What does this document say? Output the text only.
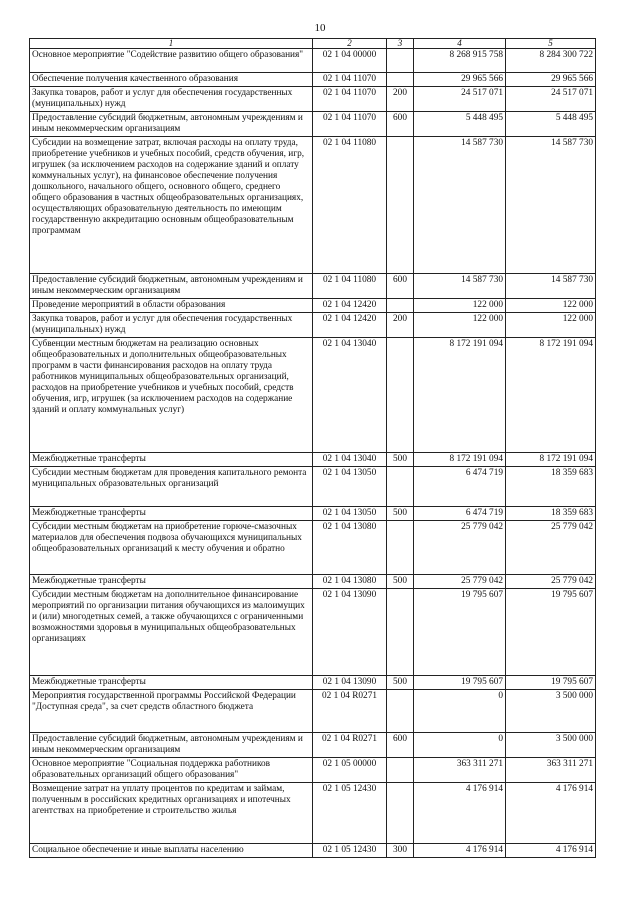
10
1	2	3	4	5
Основное мероприятие "Содействие развитию общего образования"	02 1 04 00000		8 268 915 758	8 284 300 722
Обеспечение получения качественного образования	02 1 04 11070		29 965 566	29 965 566
Закупка товаров, работ и услуг для обеспечения государственных (муниципальных) нужд	02 1 04 11070	200	24 517 071	24 517 071
Предоставление субсидий бюджетным, автономным учреждениям и иным некоммерческим организациям	02 1 04 11070	600	5 448 495	5 448 495
Субсидии на возмещение затрат, включая расходы на оплату труда, приобретение учебников и учебных пособий, средств обучения, игр, игрушек (за исключением расходов на содержание зданий и оплату коммунальных услуг), на финансовое обеспечение получения дошкольного, начального общего, основного общего, среднего общего образования в частных общеобразовательных организациях, осуществляющих образовательную деятельность по имеющим государственную аккредитацию основным общеобразовательным программам	02 1 04 11080		14 587 730	14 587 730
Предоставление субсидий бюджетным, автономным учреждениям и иным некоммерческим организациям	02 1 04 11080	600	14 587 730	14 587 730
Проведение мероприятий в области образования	02 1 04 12420		122 000	122 000
Закупка товаров, работ и услуг для обеспечения государственных (муниципальных) нужд	02 1 04 12420	200	122 000	122 000
Субвенции местным бюджетам на реализацию основных общеобразовательных и дополнительных общеобразовательных программ в части финансирования расходов на оплату труда работников муниципальных общеобразовательных организаций, расходов на приобретение учебников и учебных пособий, средств обучения, игр, игрушек (за исключением расходов на содержание зданий и оплату коммунальных услуг)	02 1 04 13040		8 172 191 094	8 172 191 094
Межбюджетные трансферты	02 1 04 13040	500	8 172 191 094	8 172 191 094
Субсидии местным бюджетам для проведения капитального ремонта муниципальных образовательных организаций	02 1 04 13050		6 474 719	18 359 683
Межбюджетные трансферты	02 1 04 13050	500	6 474 719	18 359 683
Субсидии местным бюджетам на приобретение горюче-смазочных материалов для обеспечения подвоза обучающихся муниципальных общеобразовательных организаций к месту обучения и обратно	02 1 04 13080		25 779 042	25 779 042
Межбюджетные трансферты	02 1 04 13080	500	25 779 042	25 779 042
Субсидии местным бюджетам на дополнительное финансирование мероприятий по организации питания обучающихся из малоимущих и (или) многодетных семей, а также обучающихся с ограниченными возможностями здоровья в муниципальных общеобразовательных организациях	02 1 04 13090		19 795 607	19 795 607
Межбюджетные трансферты	02 1 04 13090	500	19 795 607	19 795 607
Мероприятия государственной программы Российской Федерации "Доступная среда", за счет средств областного бюджета	02 1 04 R0271		0	3 500 000
Предоставление субсидий бюджетным, автономным учреждениям и иным некоммерческим организациям	02 1 04 R0271	600	0	3 500 000
Основное мероприятие "Социальная поддержка работников образовательных организаций общего образования"	02 1 05 00000		363 311 271	363 311 271
Возмещение затрат на уплату процентов по кредитам и займам, полученным в российских кредитных организациях и ипотечных агентствах на приобретение и строительство жилья	02 1 05 12430		4 176 914	4 176 914
Социальное обеспечение и иные выплаты населению	02 1 05 12430	300	4 176 914	4 176 914
